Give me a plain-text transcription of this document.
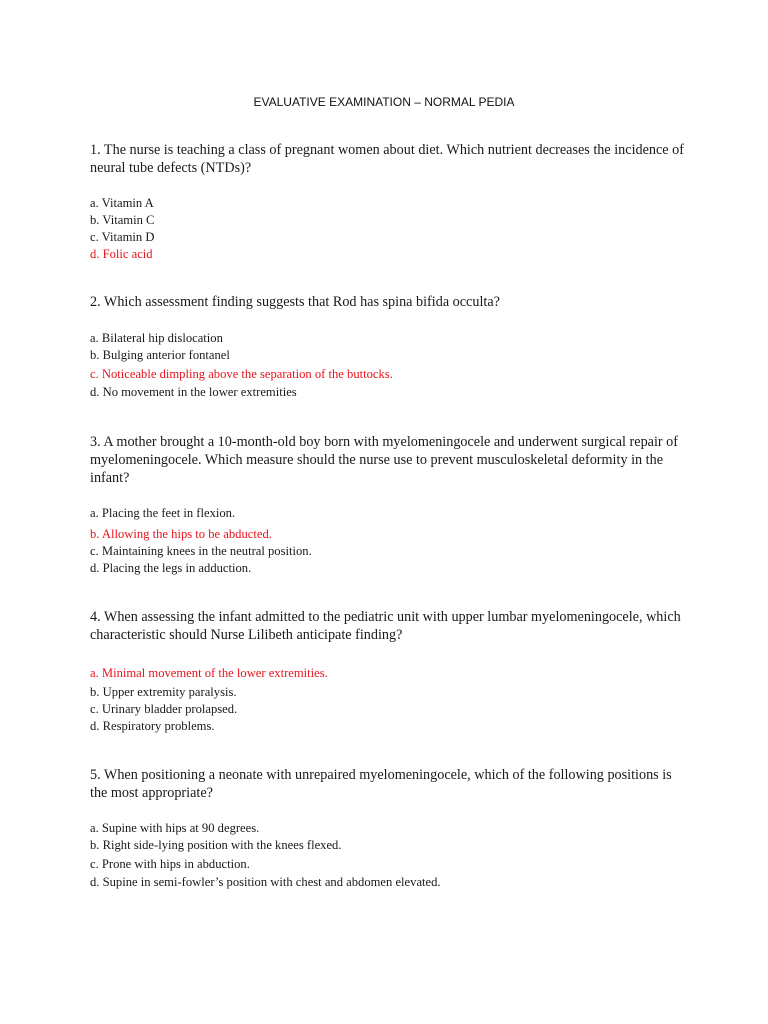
EVALUATIVE EXAMINATION – NORMAL PEDIA

1. The nurse is teaching a class of pregnant women about diet. Which nutrient decreases the incidence of neural tube defects (NTDs)?

a. Vitamin A

b. Vitamin C

c. Vitamin D

d. Folic acid

2. Which assessment finding suggests that Rod has spina bifida occulta?

a. Bilateral hip dislocation

b. Bulging anterior fontanel

c. Noticeable dimpling above the separation of the buttocks.

d. No movement in the lower extremities

3. A mother brought a 10-month-old boy born with myelomeningocele and underwent surgical repair of myelomeningocele. Which measure should the nurse use to prevent musculoskeletal deformity in the infant?

a. Placing the feet in flexion.

b. Allowing the hips to be abducted.

c. Maintaining knees in the neutral position.

d. Placing the legs in adduction.

4. When assessing the infant admitted to the pediatric unit with upper lumbar myelomeningocele, which characteristic should Nurse Lilibeth anticipate finding?

a. Minimal movement of the lower extremities.

b. Upper extremity paralysis.

c. Urinary bladder prolapsed.

d. Respiratory problems.

5. When positioning a neonate with unrepaired myelomeningocele, which of the following positions is the most appropriate?

a. Supine with hips at 90 degrees.

b. Right side-lying position with the knees flexed.

c. Prone with hips in abduction.

d. Supine in semi-fowler’s position with chest and abdomen elevated.
